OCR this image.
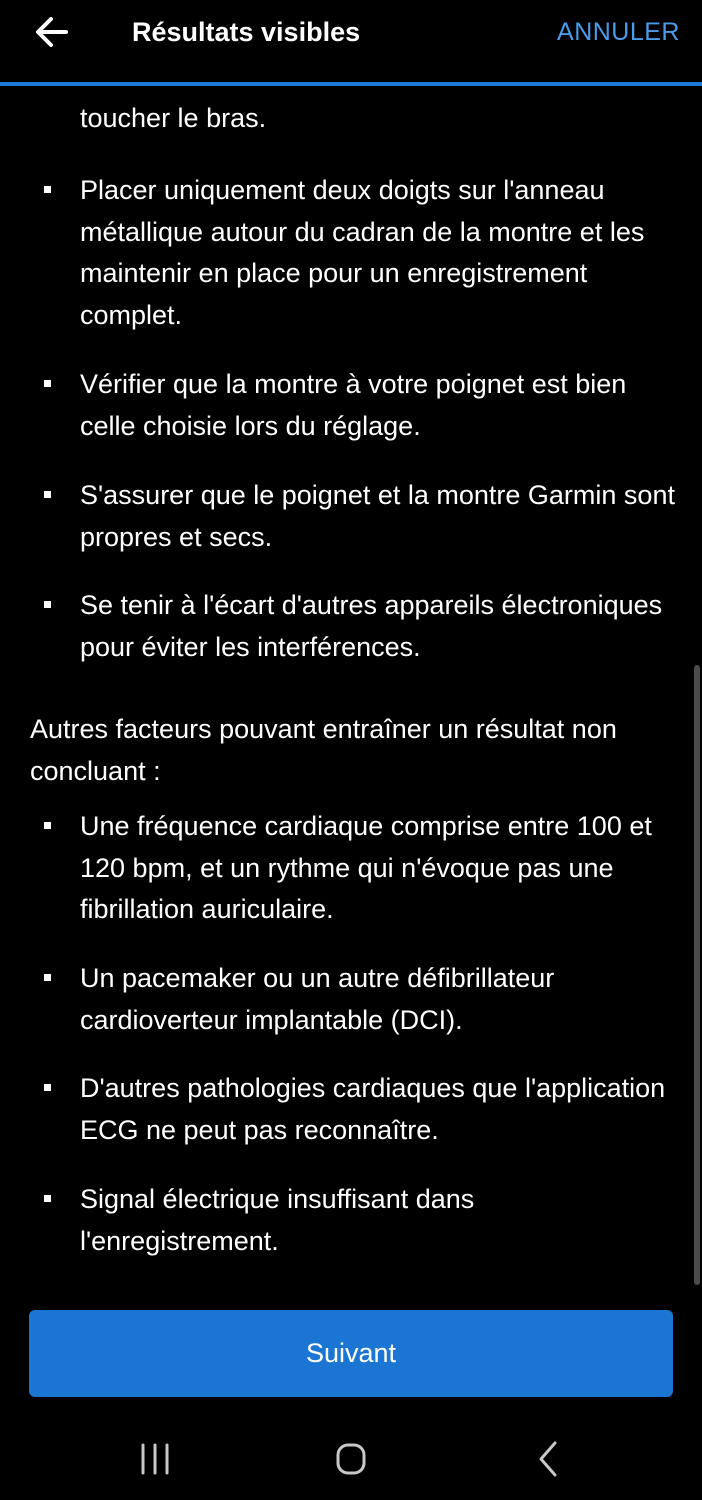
Résultats visibles	ANNULER
toucher le bras.
Placer uniquement deux doigts sur l'anneau métallique autour du cadran de la montre et les maintenir en place pour un enregistrement complet.
Vérifier que la montre à votre poignet est bien celle choisie lors du réglage.
S'assurer que le poignet et la montre Garmin sont propres et secs.
Se tenir à l'écart d'autres appareils électroniques pour éviter les interférences.
Autres facteurs pouvant entraîner un résultat non concluant :
Une fréquence cardiaque comprise entre 100 et 120 bpm, et un rythme qui n'évoque pas une fibrillation auriculaire.
Un pacemaker ou un autre défibrillateur cardioverteur implantable (DCI).
D'autres pathologies cardiaques que l'application ECG ne peut pas reconnaître.
Signal électrique insuffisant dans l'enregistrement.
Suivant
